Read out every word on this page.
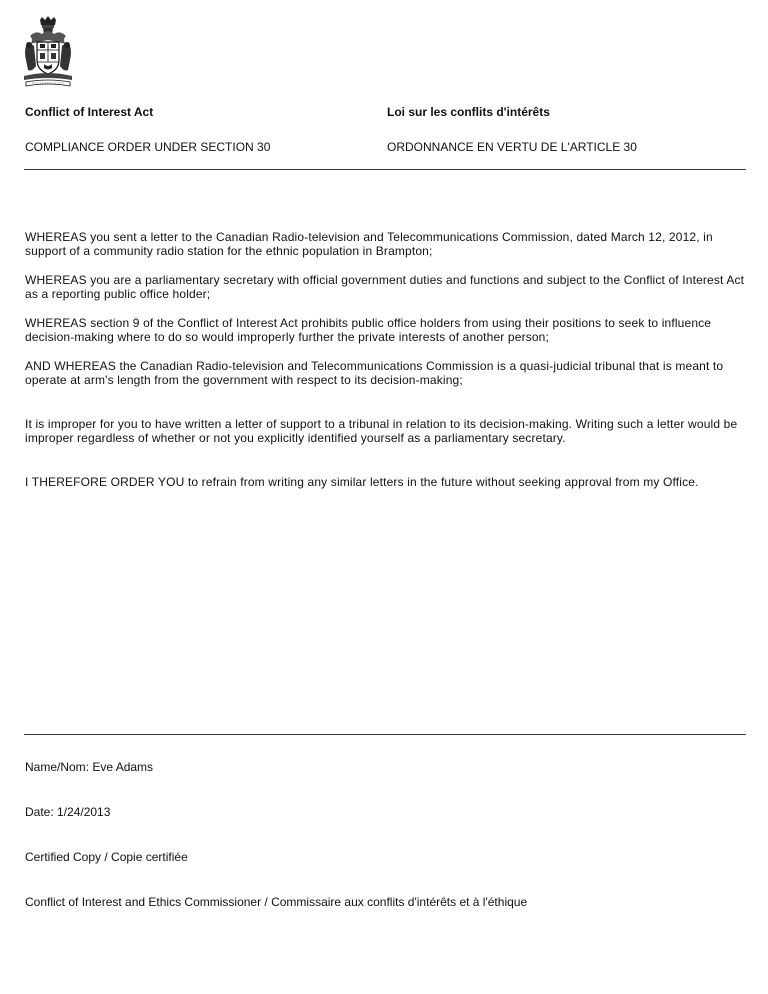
Conflict of Interest Act	Loi sur les conflits d'intérêts
COMPLIANCE ORDER UNDER SECTION 30	ORDONNANCE EN VERTU DE L'ARTICLE 30

WHEREAS you sent a letter to the Canadian Radio-television and Telecommunications Commission, dated March 12, 2012, in support of a community radio station for the ethnic population in Brampton;

WHEREAS you are a parliamentary secretary with official government duties and functions and subject to the Conflict of Interest Act as a reporting public office holder;

WHEREAS section 9 of the Conflict of Interest Act prohibits public office holders from using their positions to seek to influence decision-making where to do so would improperly further the private interests of another person;

AND WHEREAS the Canadian Radio-television and Telecommunications Commission is a quasi-judicial tribunal that is meant to operate at arm's length from the government with respect to its decision-making;

It is improper for you to have written a letter of support to a tribunal in relation to its decision-making. Writing such a letter would be improper regardless of whether or not you explicitly identified yourself as a parliamentary secretary.

I THEREFORE ORDER YOU to refrain from writing any similar letters in the future without seeking approval from my Office.

Name/Nom: Eve Adams
Date: 1/24/2013
Certified Copy / Copie certifiée
Conflict of Interest and Ethics Commissioner / Commissaire aux conflits d'intérêts et à l'éthique
